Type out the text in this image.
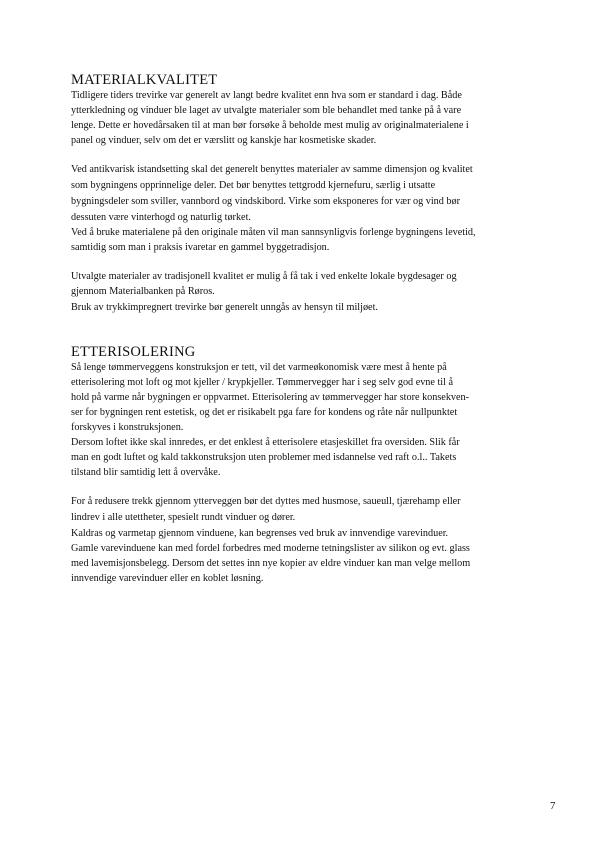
MATERIALKVALITET

Tidligere tiders trevirke var generelt av langt bedre kvalitet enn hva som er standard i dag. Både

ytterkledning og vinduer ble laget av utvalgte materialer som ble behandlet med tanke på å vare

lenge. Dette er hovedårsaken til at man bør forsøke å beholde mest mulig av originalmaterialene i

panel og vinduer, selv om det er værslitt og kanskje har kosmetiske skader.

Ved antikvarisk istandsetting skal det generelt benyttes materialer av samme dimensjon og kvalitet

som bygningens opprinnelige deler. Det bør benyttes tettgrodd kjernefuru, særlig i utsatte

bygningsdeler som sviller, vannbord og vindskibord. Virke som eksponeres for vær og vind bør

dessuten være vinterhogd og naturlig tørket.

Ved å bruke materialene på den originale måten vil man sannsynligvis forlenge bygningens levetid,

samtidig som man i praksis ivaretar en gammel byggetradisjon.

Utvalgte materialer av tradisjonell kvalitet er mulig å få tak i ved enkelte lokale bygdesager og

gjennom Materialbanken på Røros.

Bruk av trykkimpregnert trevirke bør generelt unngås av hensyn til miljøet.

ETTERISOLERING

Så lenge tømmerveggens konstruksjon er tett, vil det varmeøkonomisk være mest å hente på

etterisolering mot loft og mot kjeller / krypkjeller. Tømmervegger har i seg selv god evne til å

hold på varme når bygningen er oppvarmet. Etterisolering av tømmervegger har store konsekven-

ser for bygningen rent estetisk, og det er risikabelt pga fare for kondens og råte når nullpunktet

forskyves i konstruksjonen.

Dersom loftet ikke skal innredes, er det enklest å etterisolere etasjeskillet fra oversiden. Slik får

man en godt luftet og kald takkonstruksjon uten problemer med isdannelse ved raft o.l.. Takets

tilstand blir samtidig lett å overvåke.

For å redusere trekk gjennom ytterveggen bør det dyttes med husmose, saueull, tjærehamp eller

lindrev i alle utettheter, spesielt rundt vinduer og dører.

Kaldras og varmetap gjennom vinduene, kan begrenses ved bruk av innvendige varevinduer.

Gamle varevinduene kan med fordel forbedres med moderne tetningslister av silikon og evt. glass

med lavemisjonsbelegg. Dersom det settes inn nye kopier av eldre vinduer kan man velge mellom

innvendige varevinduer eller en koblet løsning.

7
